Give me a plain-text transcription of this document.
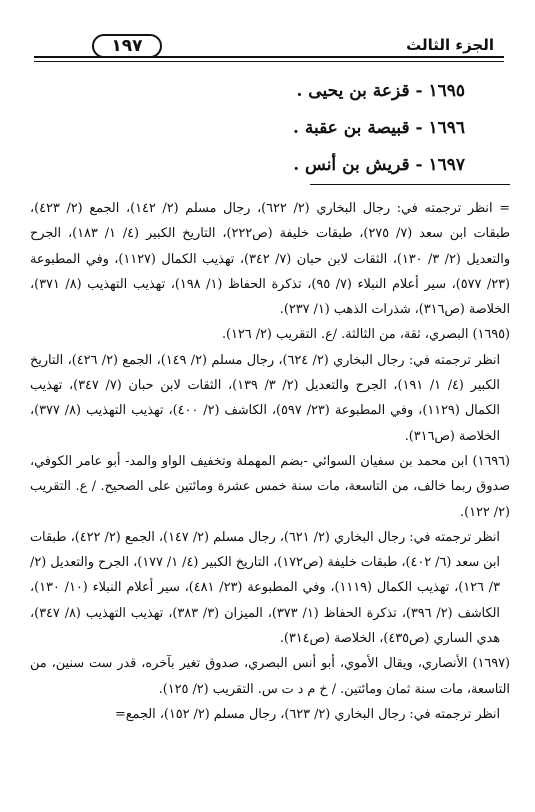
١٩٧	الجزء الثالث
١٦٩٥ - قزعة بن يحيى .
١٦٩٦ - قبيصة بن عقبة .
١٦٩٧ - قريش بن أنس .

= انظر ترجمته في: رجال البخاري (٢/ ٦٢٢)، رجال مسلم (٢/ ١٤٢)، الجمع (٢/ ٤٢٣)، طبقات ابن سعد (٧/ ٢٧٥)، طبقات خليفة (ص٢٢٢)، التاريخ الكبير (٤/ ١/ ١٨٣)، الجرح والتعديل (٢/ ٣/ ١٣٠)، الثقات لابن حبان (٧/ ٣٤٢)، تهذيب الكمال (١١٢٧)، وفي المطبوعة (٢٣/ ٥٧٧)، سير أعلام النبلاء (٧/ ٩٥)، تذكرة الحفاظ (١/ ١٩٨)، تهذيب التهذيب (٨/ ٣٧١)، الخلاصة (ص٣١٦)، شذرات الذهب (١/ ٢٣٧).

(١٦٩٥) البصري، ثقة، من الثالثة. /ع. التقريب (٢/ ١٢٦).

انظر ترجمته في: رجال البخاري (٢/ ٦٢٤)، رجال مسلم (٢/ ١٤٩)، الجمع (٢/ ٤٢٦)، التاريخ الكبير (٤/ ١/ ١٩١)، الجرح والتعديل (٢/ ٣/ ١٣٩)، الثقات لابن حبان (٧/ ٣٤٧)، تهذيب الكمال (١١٢٩)، وفي المطبوعة (٢٣/ ٥٩٧)، الكاشف (٢/ ٤٠٠)، تهذيب التهذيب (٨/ ٣٧٧)، الخلاصة (ص٣١٦).

(١٦٩٦) ابن محمد بن سفيان السوائي -بضم المهملة وتخفيف الواو والمد- أبو عامر الكوفي، صدوق ربما خالف، من التاسعة، مات سنة خمس عشرة ومائتين على الصحيح. / ع. التقريب (٢/ ١٢٢).

انظر ترجمته في: رجال البخاري (٢/ ٦٢١)، رجال مسلم (٢/ ١٤٧)، الجمع (٢/ ٤٢٢)، طبقات ابن سعد (٦/ ٤٠٢)، طبقات خليفة (ص١٧٢)، التاريخ الكبير (٤/ ١/ ١٧٧)، الجرح والتعديل (٢/ ٣/ ١٢٦)، تهذيب الكمال (١١١٩)، وفي المطبوعة (٢٣/ ٤٨١)، سير أعلام النبلاء (١٠/ ١٣٠)، الكاشف (٢/ ٣٩٦)، تذكرة الحفاظ (١/ ٣٧٣)، الميزان (٣/ ٣٨٣)، تهذيب التهذيب (٨/ ٣٤٧)، هدي الساري (ص٤٣٥)، الخلاصة (ص٣١٤).

(١٦٩٧) الأنصاري، ويقال الأموي، أبو أنس البصري، صدوق تغير بآخره، قدر ست سنين، من التاسعة، مات سنة ثمان ومائتين. / خ م د ت س. التقريب (٢/ ١٢٥).

انظر ترجمته في: رجال البخاري (٢/ ٦٢٣)، رجال مسلم (٢/ ١٥٢)، الجمع=
